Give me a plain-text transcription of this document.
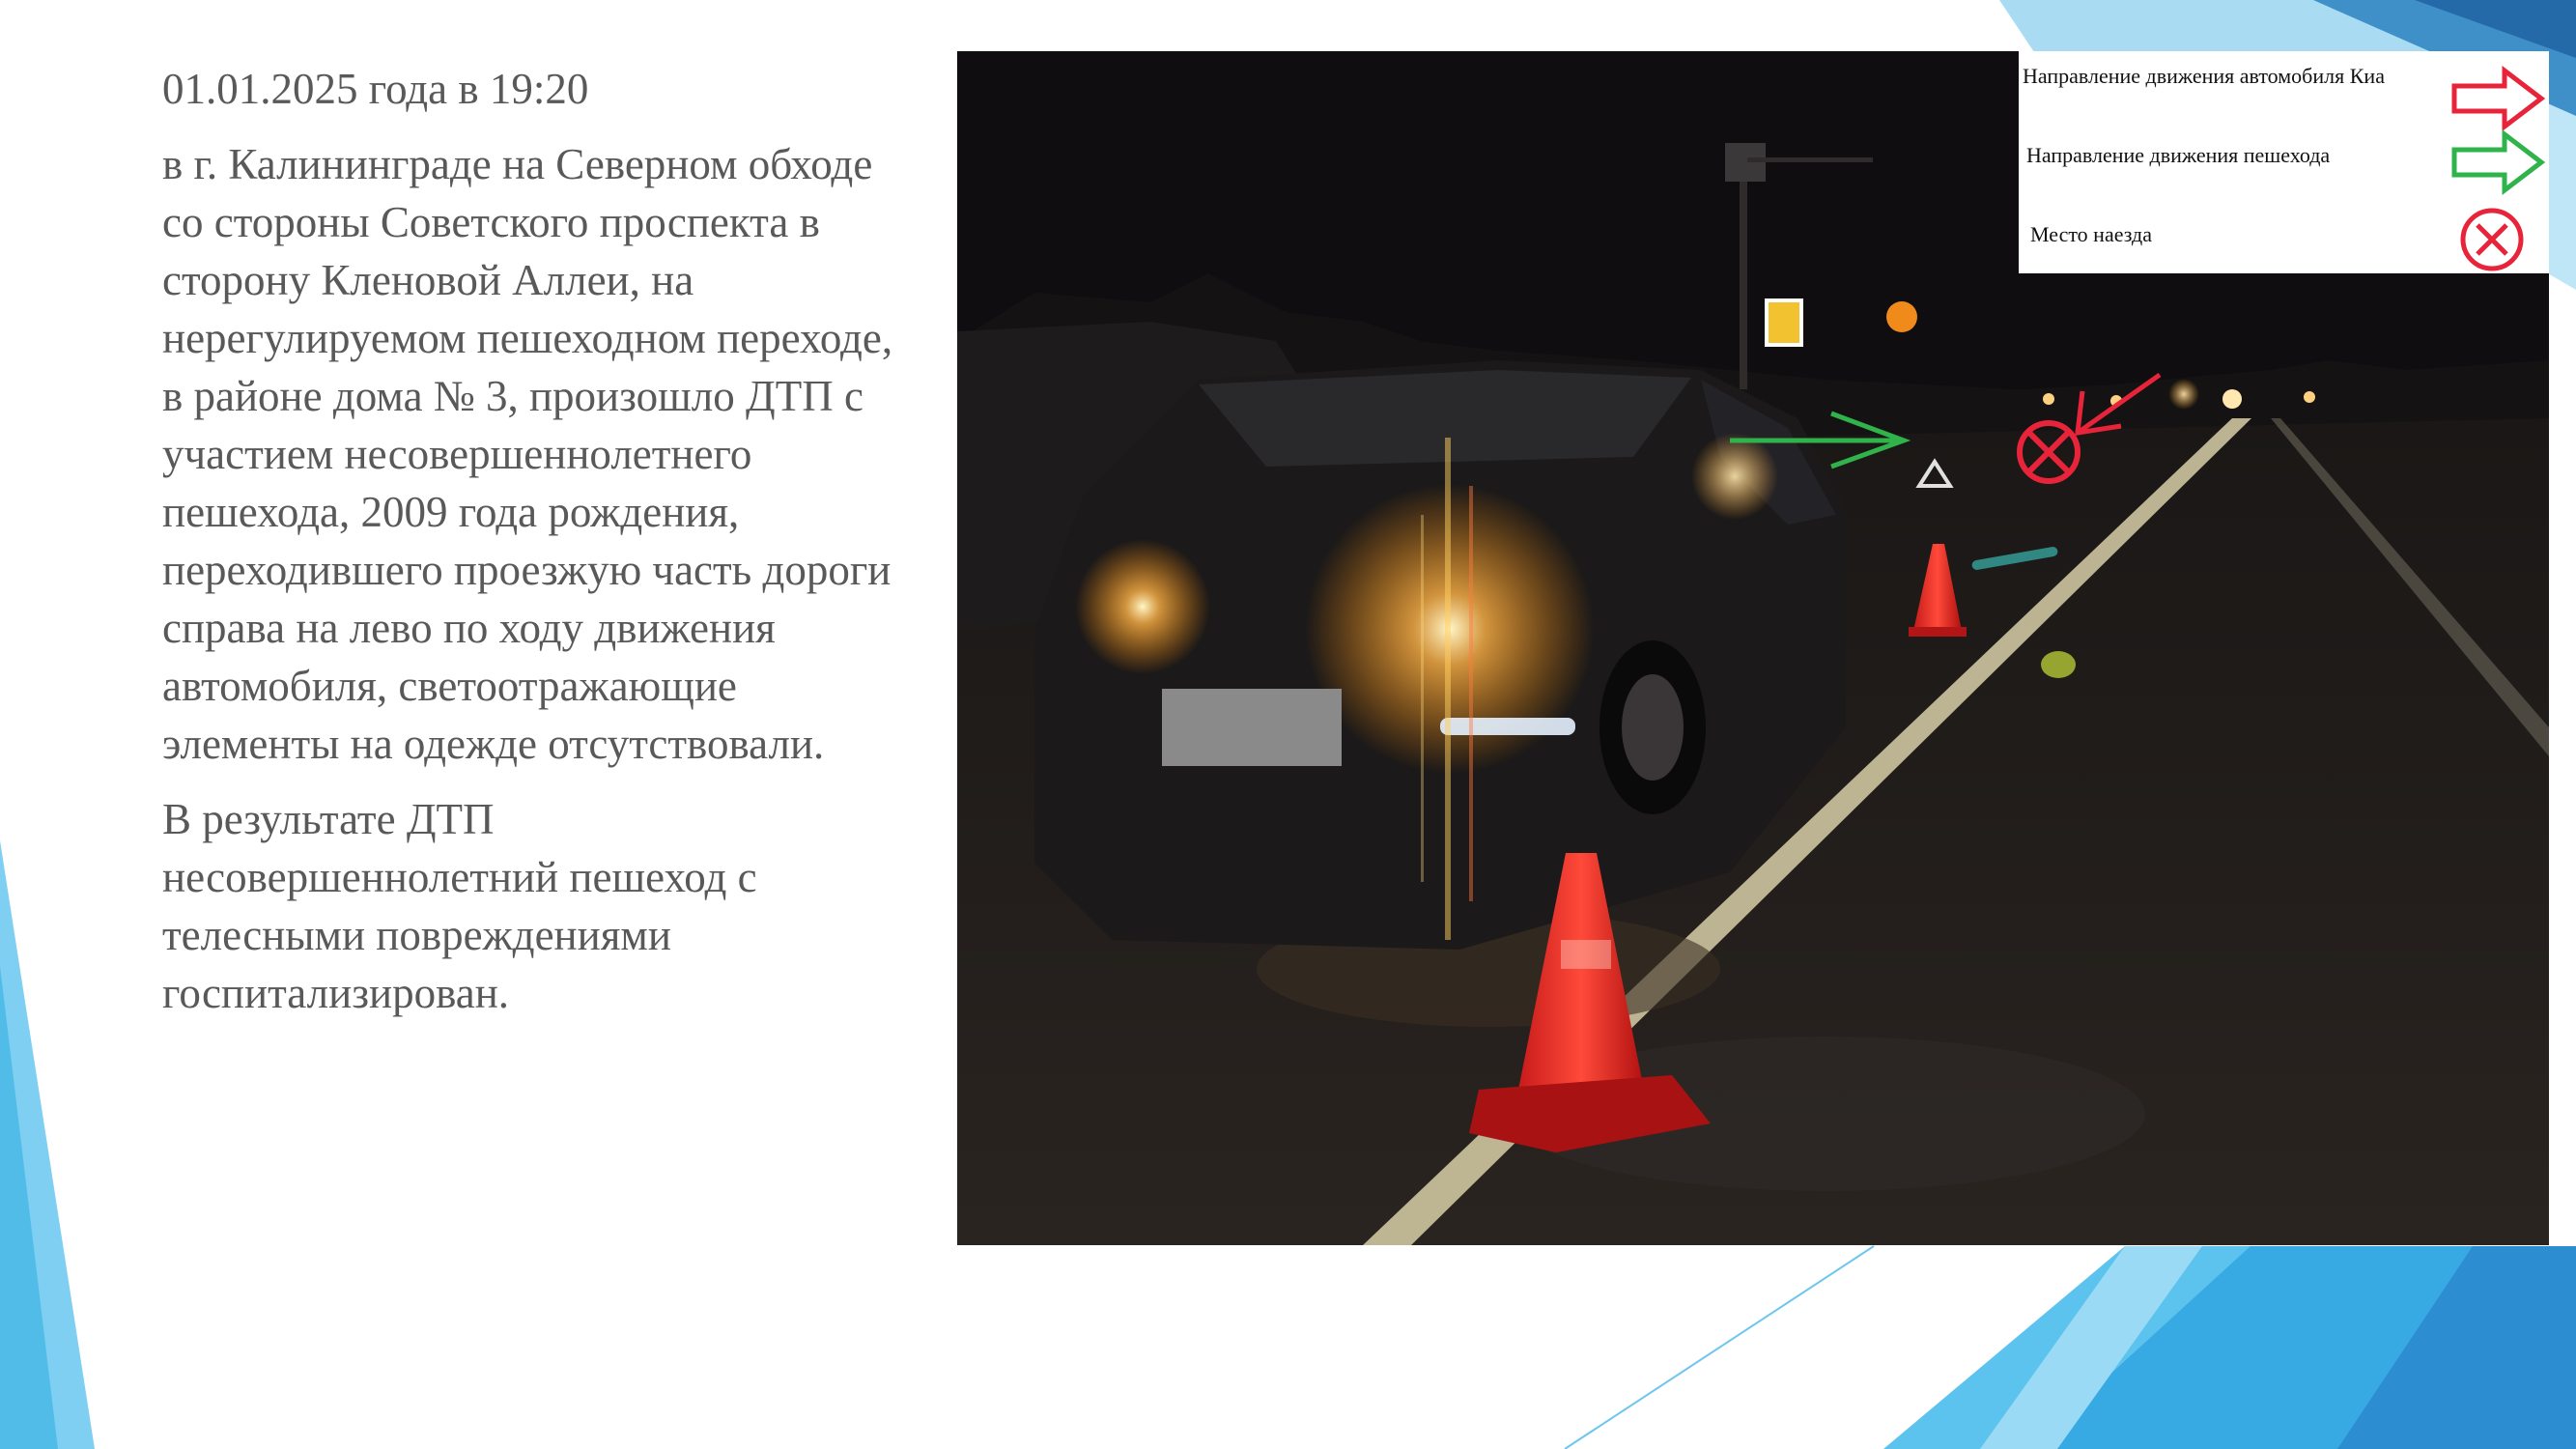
01.01.2025 года в 19:20

в г. Калининграде на Северном обходе со стороны Советского проспекта в сторону Кленовой Аллеи, на нерегулируемом пешеходном переходе, в районе дома № 3, произошло ДТП с участием несовершеннолетнего пешехода, 2009 года рождения, переходившего проезжую часть дороги справа на лево по ходу движения автомобиля, светоотражающие элементы на одежде отсутствовали.

В результате ДТП несовершеннолетний пешеход с телесными повреждениями госпитализирован.

Направление движения автомобиля Киа
Направление движения пешехода
Место наезда
